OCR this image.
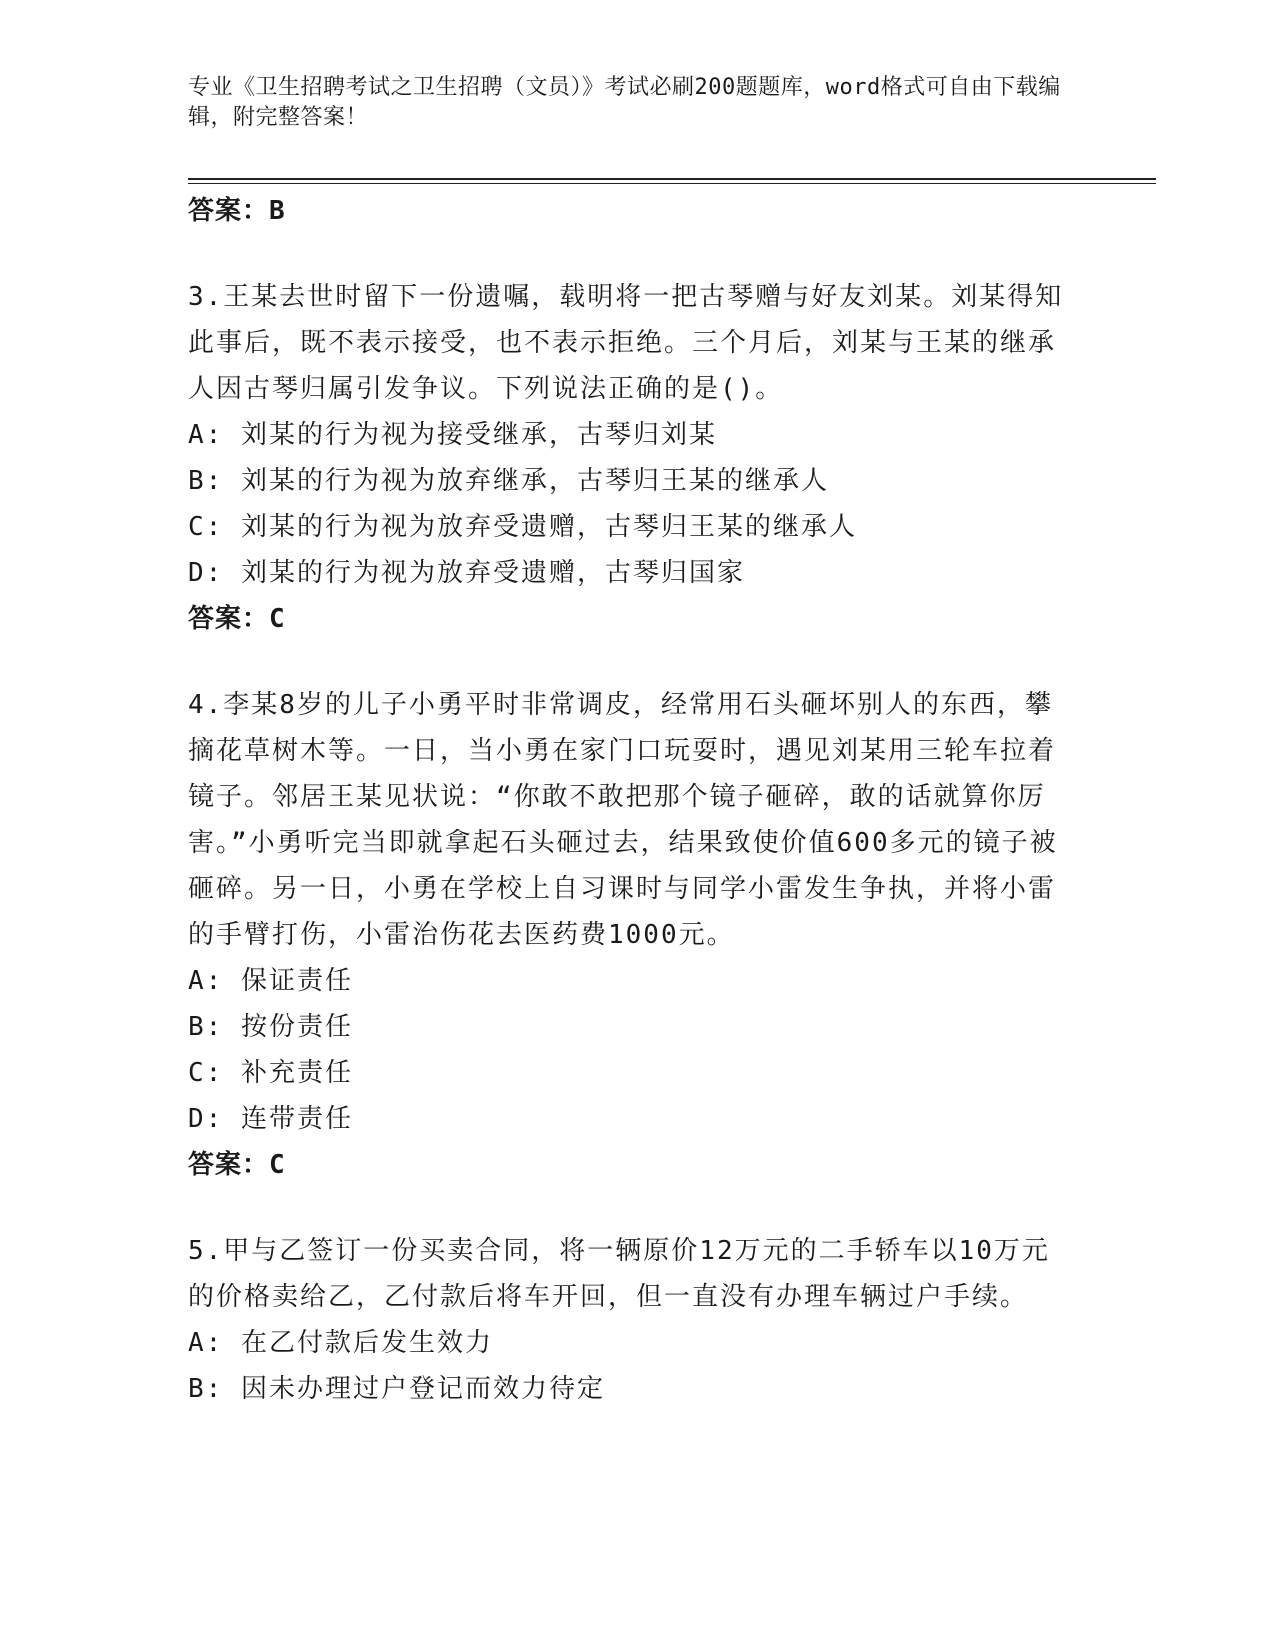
专业《卫生招聘考试之卫生招聘（文员）》考试必刷200题题库，word格式可自由下载编辑，附完整答案！
答案：B
3.王某去世时留下一份遗嘱，载明将一把古琴赠与好友刘某。刘某得知此事后，既不表示接受，也不表示拒绝。三个月后，刘某与王某的继承人因古琴归属引发争议。下列说法正确的是()。
A: 刘某的行为视为接受继承，古琴归刘某
B: 刘某的行为视为放弃继承，古琴归王某的继承人
C: 刘某的行为视为放弃受遗赠，古琴归王某的继承人
D: 刘某的行为视为放弃受遗赠，古琴归国家
答案：C
4.李某8岁的儿子小勇平时非常调皮，经常用石头砸坏别人的东西，攀摘花草树木等。一日，当小勇在家门口玩耍时，遇见刘某用三轮车拉着镜子。邻居王某见状说：“你敢不敢把那个镜子砸碎，敢的话就算你厉害。”小勇听完当即就拿起石头砸过去，结果致使价值600多元的镜子被砸碎。另一日，小勇在学校上自习课时与同学小雷发生争执，并将小雷的手臂打伤，小雷治伤花去医药费1000元。
A: 保证责任
B: 按份责任
C: 补充责任
D: 连带责任
答案：C
5.甲与乙签订一份买卖合同，将一辆原价12万元的二手轿车以10万元的价格卖给乙，乙付款后将车开回，但一直没有办理车辆过户手续。
A: 在乙付款后发生效力
B: 因未办理过户登记而效力待定
